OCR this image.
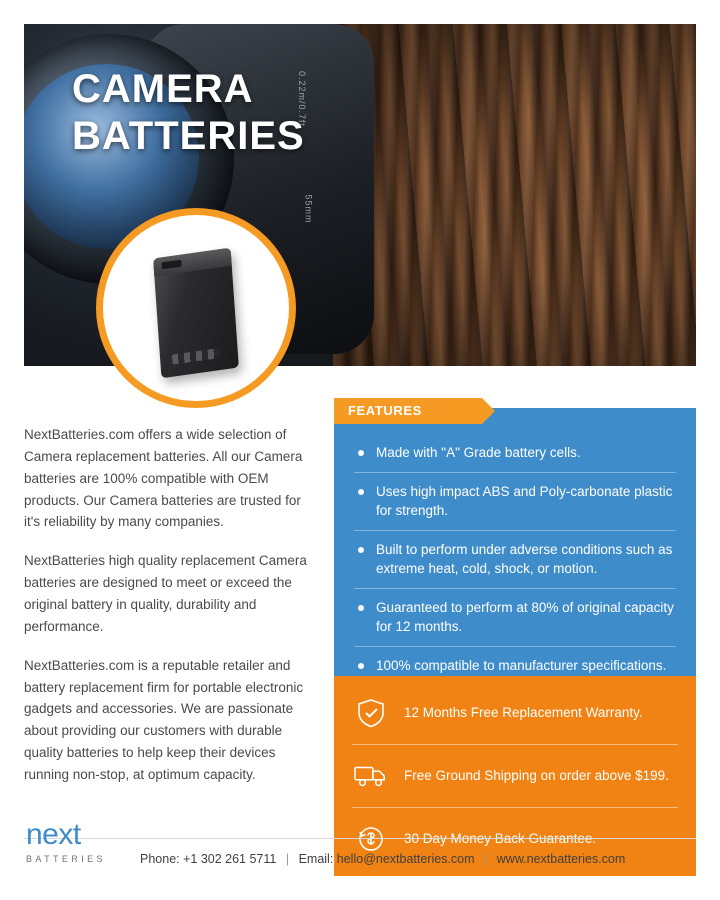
0.22m/0.7ft
55mm
CAMERA
BATTERIES

NextBatteries.com offers a wide selection of Camera replacement batteries. All our Camera batteries are 100% compatible with OEM products. Our Camera batteries are trusted for it's reliability by many companies.

NextBatteries high quality replacement Camera batteries are designed to meet or exceed the original battery in quality, durability and performance.

NextBatteries.com is a reputable retailer and battery replacement firm for portable electronic gadgets and accessories. We are passionate about providing our customers with durable quality batteries to help keep their devices running non-stop, at optimum capacity.

FEATURES
Made with "A" Grade battery cells.
Uses high impact ABS and Poly-carbonate plastic for strength.
Built to perform under adverse conditions such as extreme heat, cold, shock, or motion.
Guaranteed to perform at 80% of original capacity for 12 months.
100% compatible to manufacturer specifications.
12 Months Free Replacement Warranty.
Free Ground Shipping on order above $199.
next
BATTERIES	Phone: +1 302 261 5711 | Email: hello@nextbatteries.com | www.nextbatteries.com
